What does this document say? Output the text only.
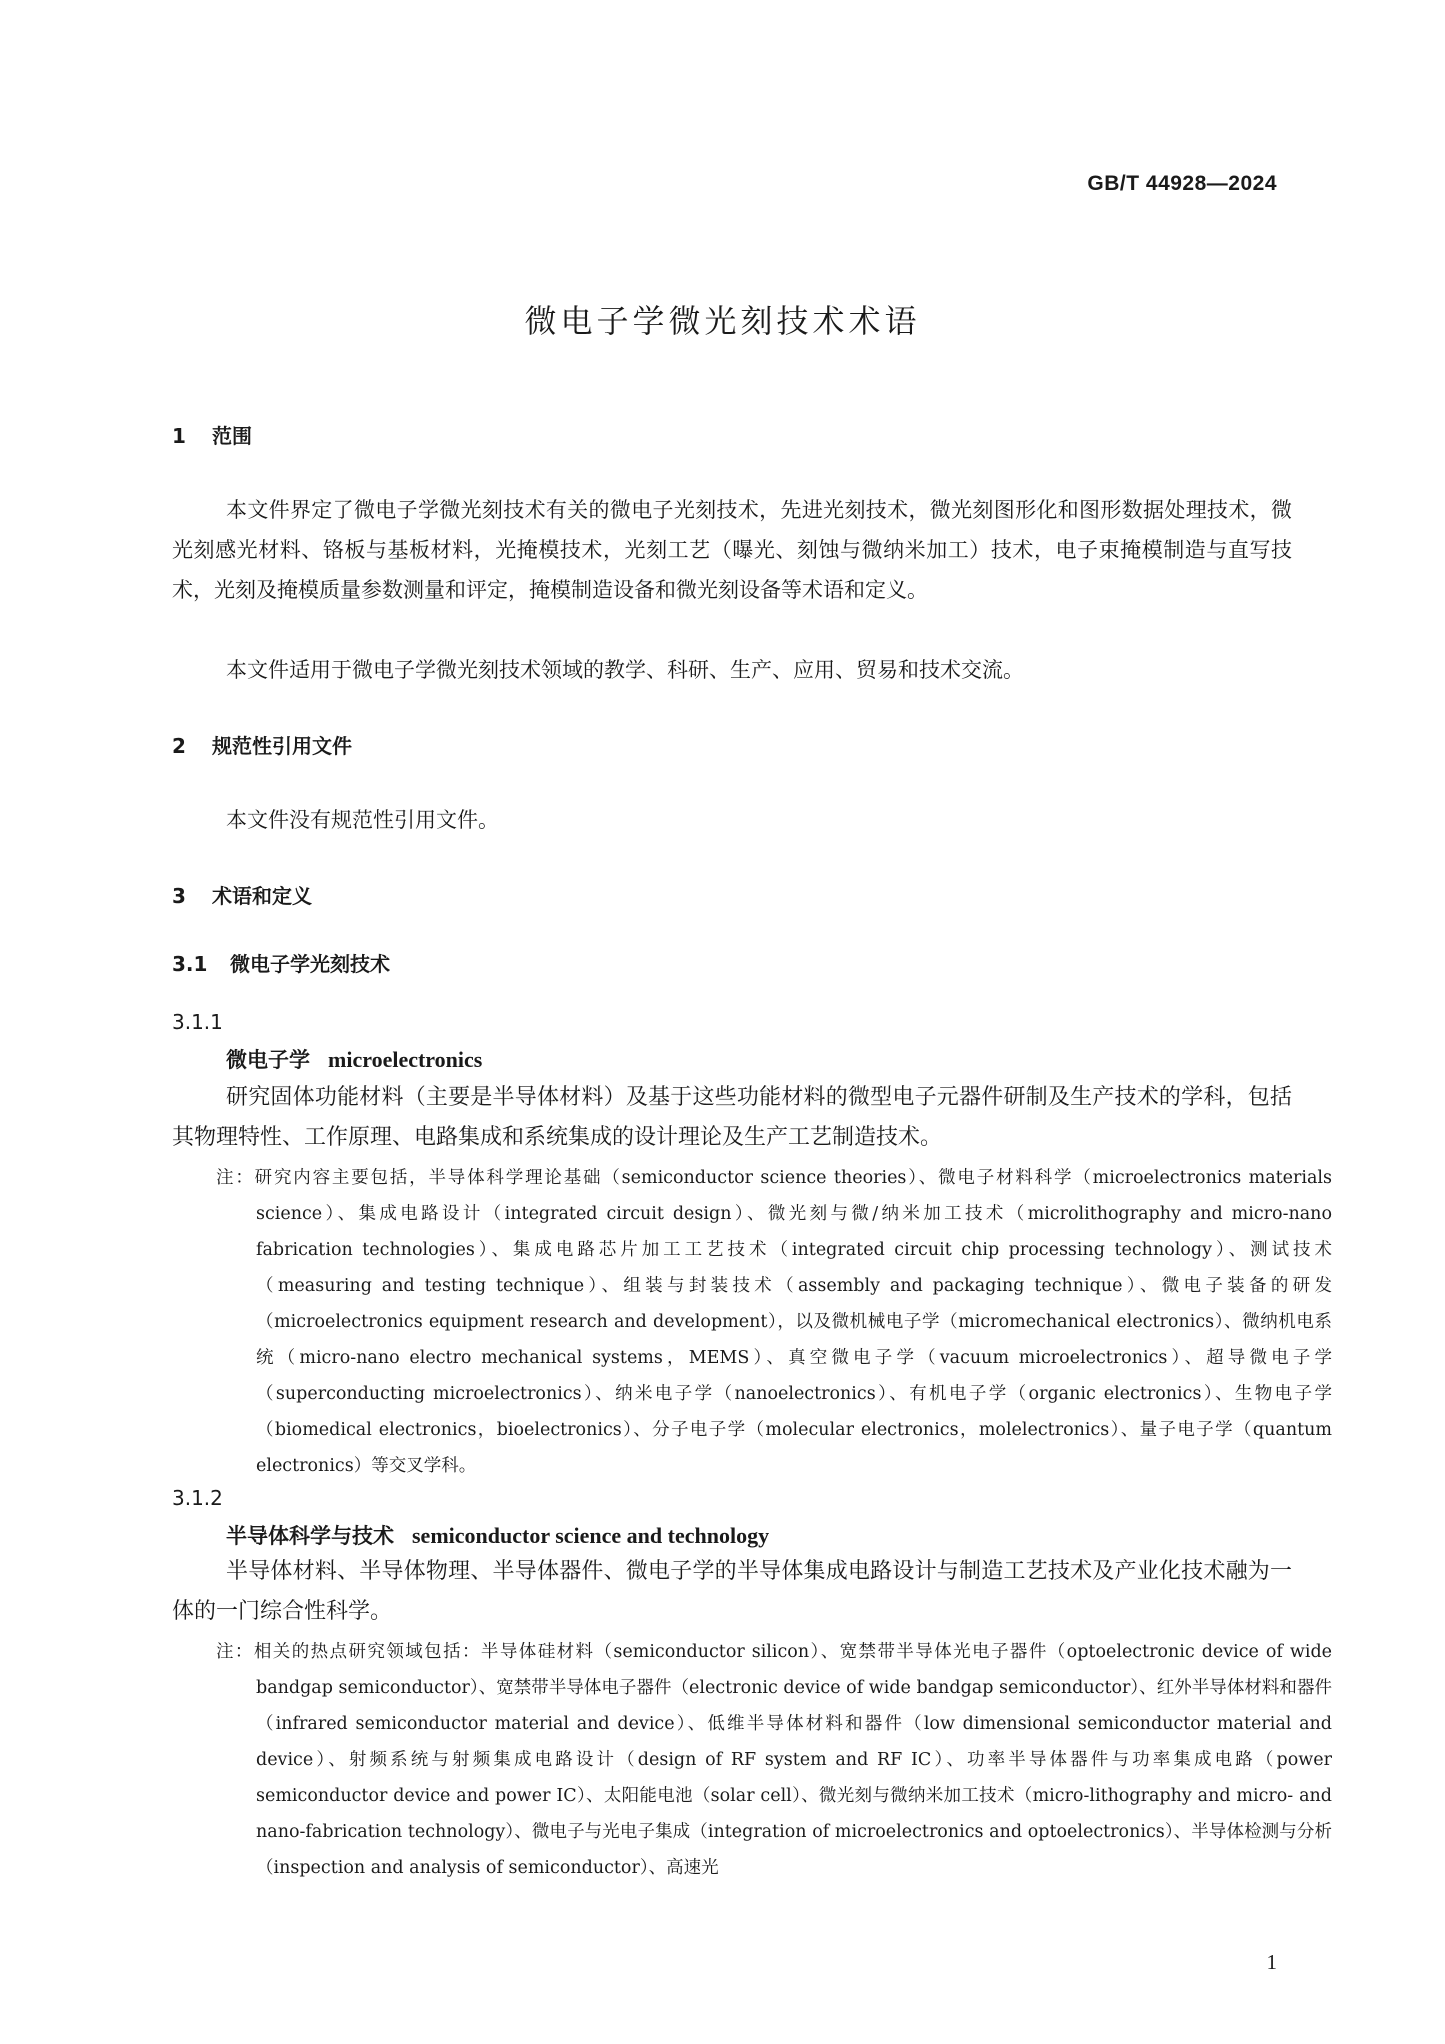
GB/T 44928—2024
微电子学微光刻技术术语
1 范围
本文件界定了微电子学微光刻技术有关的微电子光刻技术，先进光刻技术，微光刻图形化和图形数据处理技术，微光刻感光材料、铬板与基板材料，光掩模技术，光刻工艺（曝光、刻蚀与微纳米加工）技术，电子束掩模制造与直写技术，光刻及掩模质量参数测量和评定，掩模制造设备和微光刻设备等术语和定义。
本文件适用于微电子学微光刻技术领域的教学、科研、生产、应用、贸易和技术交流。
2 规范性引用文件
本文件没有规范性引用文件。
3 术语和定义
3.1 微电子学光刻技术
3.1.1
微电子学 microelectronics
研究固体功能材料（主要是半导体材料）及基于这些功能材料的微型电子元器件研制及生产技术的学科，包括其物理特性、工作原理、电路集成和系统集成的设计理论及生产工艺制造技术。
注：研究内容主要包括，半导体科学理论基础（semiconductor science theories）、微电子材料科学（microelectronics materials science）、集成电路设计（integrated circuit design）、微光刻与微/纳米加工技术（microlithography and micro-nano fabrication technologies）、集成电路芯片加工工艺技术（integrated circuit chip processing technology）、测试技术（measuring and testing technique）、组装与封装技术（assembly and packaging technique）、微电子装备的研发（microelectronics equipment research and development），以及微机械电子学（micromechanical electronics）、微纳机电系统（micro-nano electro mechanical systems，MEMS）、真空微电子学（vacuum microelectronics）、超导微电子学（superconducting microelectronics）、纳米电子学（nanoelectronics）、有机电子学（organic electronics）、生物电子学（biomedical electronics，bioelectronics）、分子电子学（molecular electronics，molelectronics）、量子电子学（quantum electronics）等交叉学科。
3.1.2
半导体科学与技术 semiconductor science and technology
半导体材料、半导体物理、半导体器件、微电子学的半导体集成电路设计与制造工艺技术及产业化技术融为一体的一门综合性科学。
注：相关的热点研究领域包括：半导体硅材料（semiconductor silicon）、宽禁带半导体光电子器件（optoelectronic device of wide bandgap semiconductor）、宽禁带半导体电子器件（electronic device of wide bandgap semiconductor）、红外半导体材料和器件（infrared semiconductor material and device）、低维半导体材料和器件（low dimensional semiconductor material and device）、射频系统与射频集成电路设计（design of RF system and RF IC）、功率半导体器件与功率集成电路（power semiconductor device and power IC）、太阳能电池（solar cell）、微光刻与微纳米加工技术（micro-lithography and micro- and nano-fabrication technology）、微电子与光电子集成（integration of microelectronics and optoelectronics）、半导体检测与分析（inspection and analysis of semiconductor）、高速光
1
